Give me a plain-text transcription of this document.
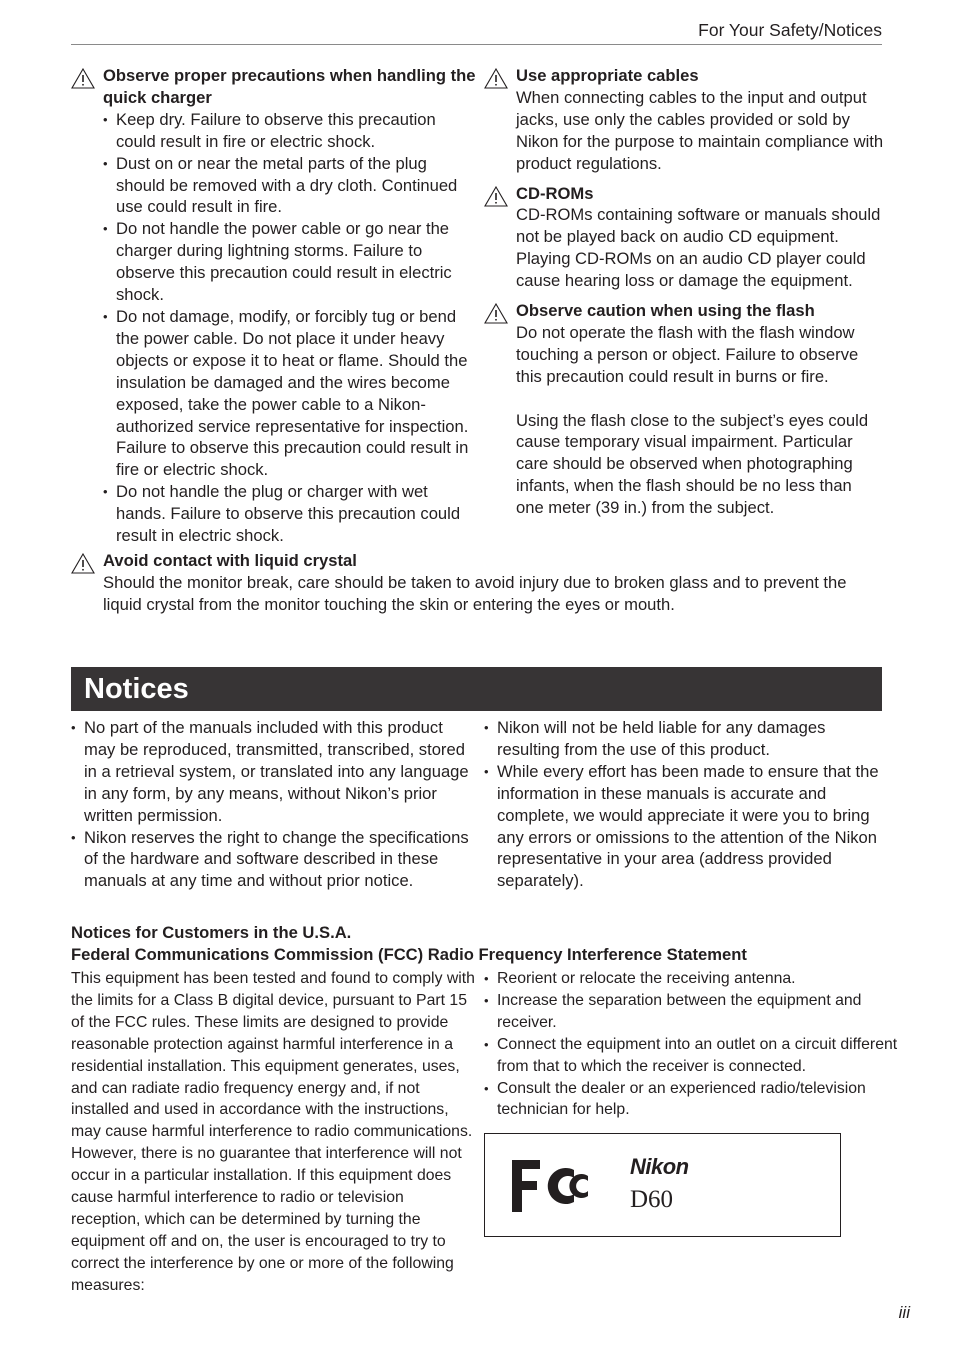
For Your Safety/Notices
Observe proper precautions when handling the quick charger
• Keep dry. Failure to observe this precaution could result in fire or electric shock.
• Dust on or near the metal parts of the plug should be removed with a dry cloth. Continued use could result in fire.
• Do not handle the power cable or go near the charger during lightning storms. Failure to observe this precaution could result in electric shock.
• Do not damage, modify, or forcibly tug or bend the power cable. Do not place it under heavy objects or expose it to heat or flame. Should the insulation be damaged and the wires become exposed, take the power cable to a Nikon-authorized service representative for inspection. Failure to observe this precaution could result in fire or electric shock.
• Do not handle the plug or charger with wet hands. Failure to observe this precaution could result in electric shock.
Use appropriate cables
When connecting cables to the input and output jacks, use only the cables provided or sold by Nikon for the purpose to maintain compliance with product regulations.
CD-ROMs
CD-ROMs containing software or manuals should not be played back on audio CD equipment. Playing CD-ROMs on an audio CD player could cause hearing loss or damage the equipment.
Observe caution when using the flash
Do not operate the flash with the flash window touching a person or object. Failure to observe this precaution could result in burns or fire.
Using the flash close to the subject’s eyes could cause temporary visual impairment. Particular care should be observed when photographing infants, when the flash should be no less than one meter (39 in.) from the subject.
Avoid contact with liquid crystal
Should the monitor break, care should be taken to avoid injury due to broken glass and to prevent the liquid crystal from the monitor touching the skin or entering the eyes or mouth.
Notices
• No part of the manuals included with this product may be reproduced, transmitted, transcribed, stored in a retrieval system, or translated into any language in any form, by any means, without Nikon’s prior written permission.
• Nikon reserves the right to change the specifications of the hardware and software described in these manuals at any time and without prior notice.
• Nikon will not be held liable for any damages resulting from the use of this product.
• While every effort has been made to ensure that the information in these manuals is accurate and complete, we would appreciate it were you to bring any errors or omissions to the attention of the Nikon representative in your area (address provided separately).
Notices for Customers in the U.S.A.
Federal Communications Commission (FCC) Radio Frequency Interference Statement
This equipment has been tested and found to comply with the limits for a Class B digital device, pursuant to Part 15 of the FCC rules. These limits are designed to provide reasonable protection against harmful interference in a residential installation. This equipment generates, uses, and can radiate radio frequency energy and, if not installed and used in accordance with the instructions, may cause harmful interference to radio communications. However, there is no guarantee that interference will not occur in a particular installation. If this equipment does cause harmful interference to radio or television reception, which can be determined by turning the equipment off and on, the user is encouraged to try to correct the interference by one or more of the following measures:
• Reorient or relocate the receiving antenna.
• Increase the separation between the equipment and receiver.
• Connect the equipment into an outlet on a circuit different from that to which the receiver is connected.
• Consult the dealer or an experienced radio/television technician for help.
Nikon
D60
iii
